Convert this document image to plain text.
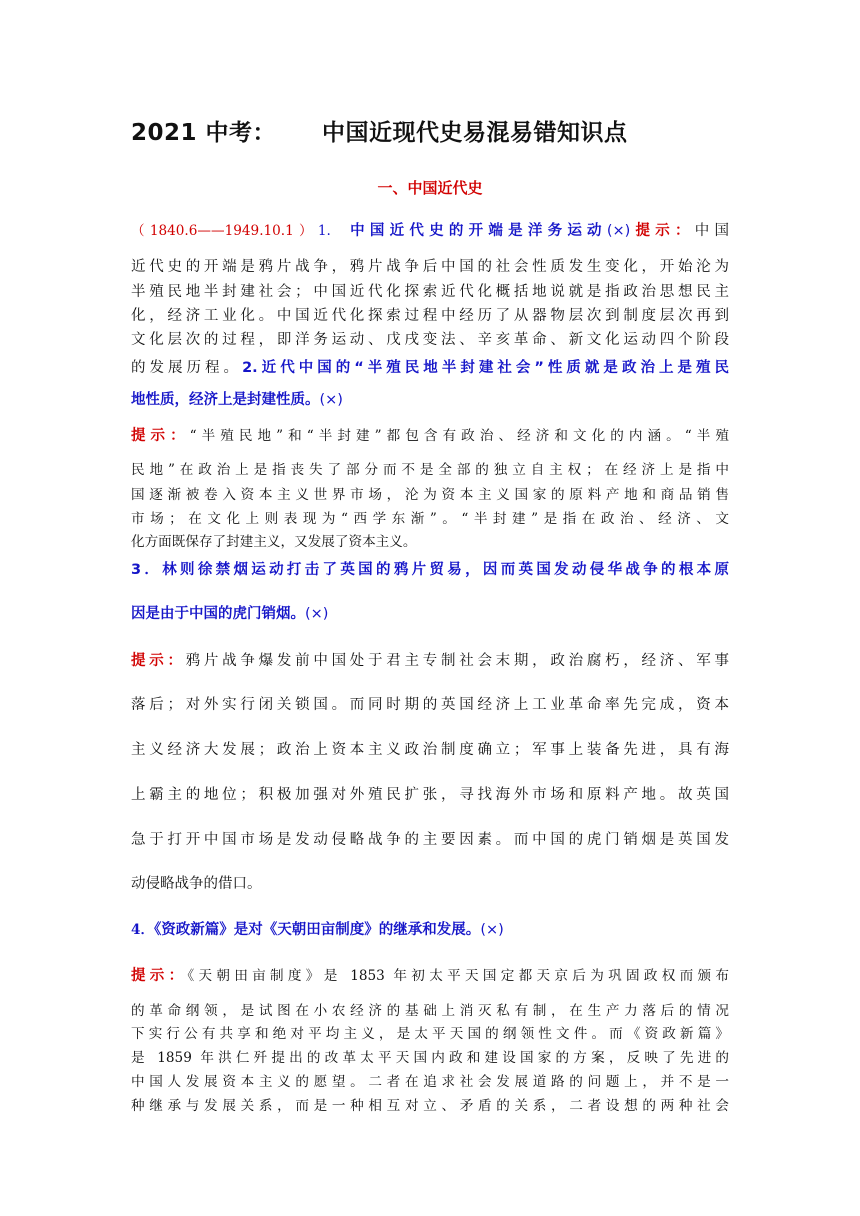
2021 中考： 中国近现代史易混易错知识点
一、中国近代史
（1840.6——1949.10.1）1. 中国近代史的开端是洋务运动(×)提示：中国
近代史的开端是鸦片战争，鸦片战争后中国的社会性质发生变化，开始沦为
半殖民地半封建社会；中国近代化探索近代化概括地说就是指政治思想民主
化，经济工业化。中国近代化探索过程中经历了从器物层次到制度层次再到
文化层次的过程，即洋务运动、戊戌变法、辛亥革命、新文化运动四个阶段
的发展历程。2.近代中国的“半殖民地半封建社会”性质就是政治上是殖民
地性质，经济上是封建性质。(×)
提示：“半殖民地”和“半封建”都包含有政治、经济和文化的内涵。“半殖
民地”在政治上是指丧失了部分而不是全部的独立自主权；在经济上是指中
国逐渐被卷入资本主义世界市场，沦为资本主义国家的原料产地和商品销售
市场；在文化上则表现为“西学东渐”。“半封建”是指在政治、经济、文
化方面既保存了封建主义，又发展了资本主义。
3．林则徐禁烟运动打击了英国的鸦片贸易，因而英国发动侵华战争的根本原
因是由于中国的虎门销烟。(×)
提示：鸦片战争爆发前中国处于君主专制社会末期，政治腐朽，经济、军事
落后；对外实行闭关锁国。而同时期的英国经济上工业革命率先完成，资本
主义经济大发展；政治上资本主义政治制度确立；军事上装备先进，具有海
上霸主的地位；积极加强对外殖民扩张，寻找海外市场和原料产地。故英国
急于打开中国市场是发动侵略战争的主要因素。而中国的虎门销烟是英国发
动侵略战争的借口。
4．《资政新篇》是对《天朝田亩制度》的继承和发展。(×)
提示：《天朝田亩制度》是 1853 年初太平天国定都天京后为巩固政权而颁布
的革命纲领，是试图在小农经济的基础上消灭私有制，在生产力落后的情况
下实行公有共享和绝对平均主义，是太平天国的纲领性文件。而《资政新篇》
是 1859 年洪仁歼提出的改革太平天国内政和建设国家的方案，反映了先进的
中国人发展资本主义的愿望。二者在追求社会发展道路的问题上，并不是一
种继承与发展关系，而是一种相互对立、矛盾的关系，二者设想的两种社会
